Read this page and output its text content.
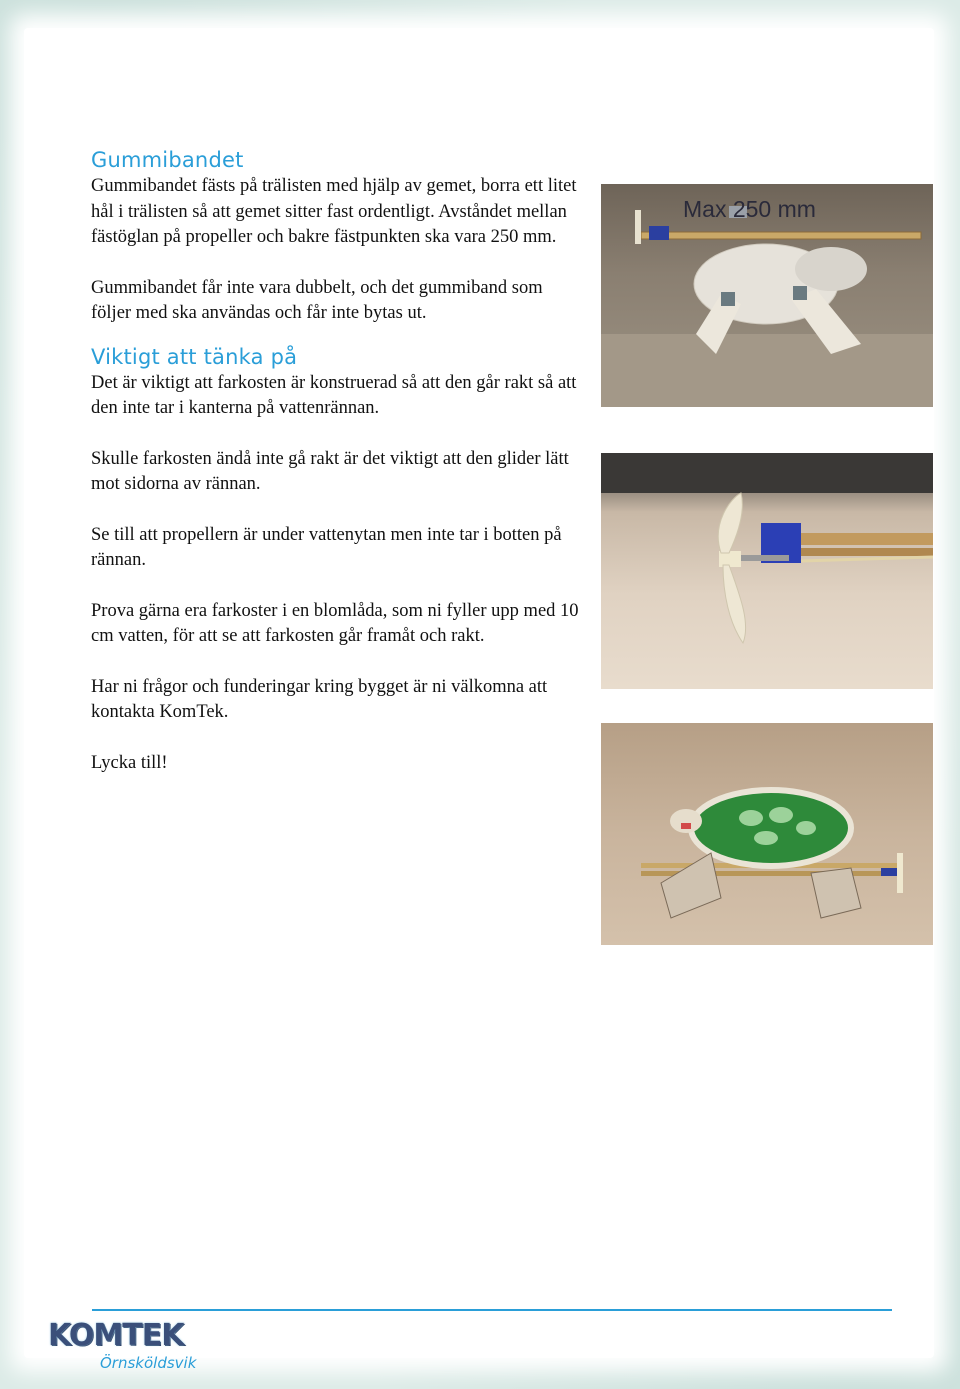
Gummibandet

Gummibandet fästs på trälisten med hjälp av gemet, borra ett litet hål i trälisten så att gemet sitter fast ordentligt. Avståndet mellan fästöglan på propeller och bakre fästpunkten ska vara 250 mm.

Gummibandet får inte vara dubbelt, och det gummiband som följer med ska användas och får inte bytas ut.

Viktigt att tänka på

Det är viktigt att farkosten är konstruerad så att den går rakt så att den inte tar i kanterna på vattenrännan.

Skulle farkosten ändå inte gå rakt är det viktigt att den glider lätt mot sidorna av rännan.

Se till att propellern är under vattenytan men inte tar i botten på rännan.

Prova gärna era farkoster i en blomlåda, som ni fyller upp med 10 cm vatten, för att se att farkosten går framåt och rakt.

Har ni frågor och funderingar kring bygget är ni välkomna att kontakta KomTek.

Lycka till!

Max 250 mm
KOMTEK
Örnsköldsvik
